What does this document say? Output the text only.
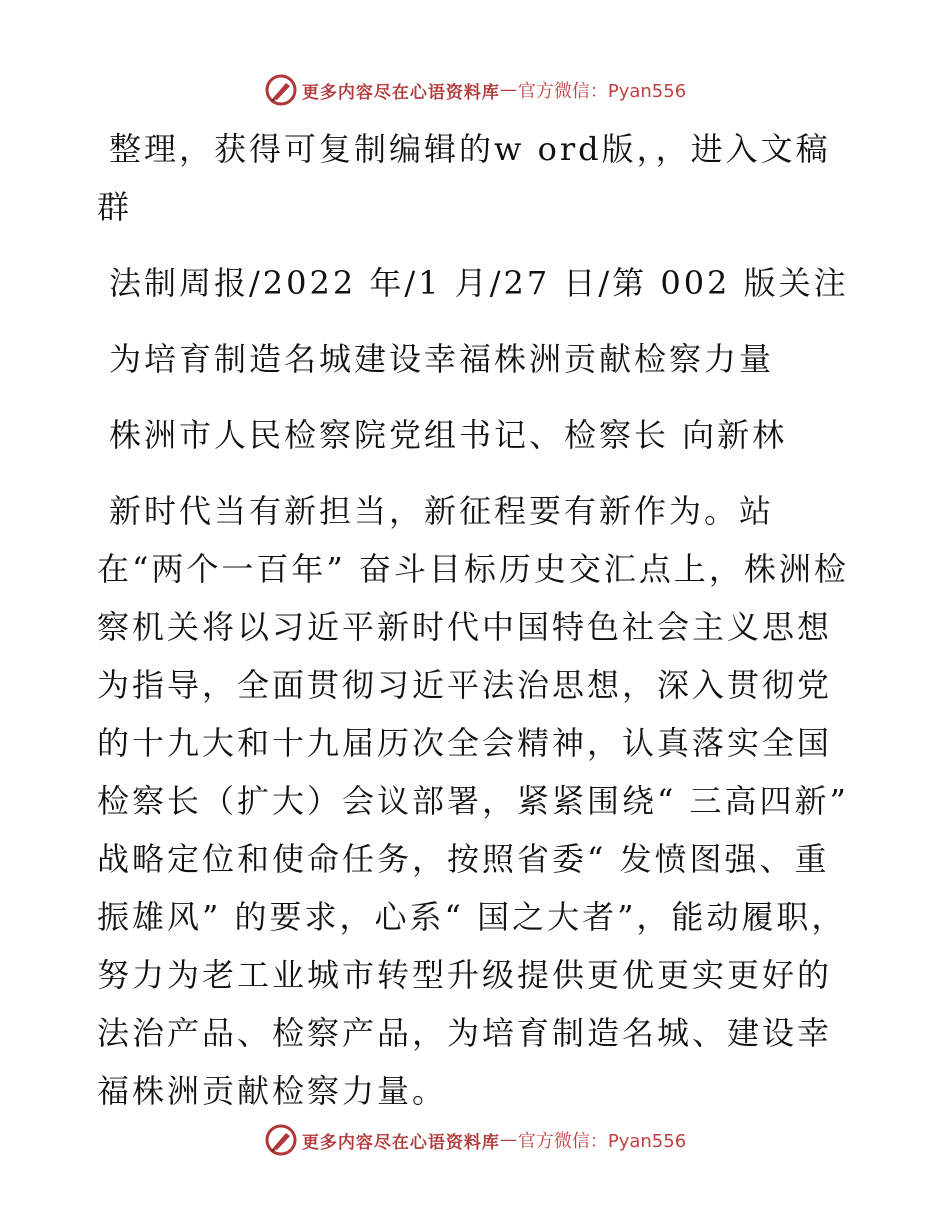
更多内容尽在心语资料库 — 官方微信：Pyan556

整理，获得可复制编辑的w ord版，，进入文稿群

法制周报/2022 年/1 月/27 日/第 002 版关注

为培育制造名城建设幸福株洲贡献检察力量

株洲市人民检察院党组书记、检察长 向新林

新时代当有新担当，新征程要有新作为。站在“两个一百年” 奋斗目标历史交汇点上，株洲检察机关将以习近平新时代中国特色社会主义思想为指导，全面贯彻习近平法治思想，深入贯彻党的十九大和十九届历次全会精神，认真落实全国检察长（扩大）会议部署，紧紧围绕“ 三高四新” 战略定位和使命任务，按照省委“ 发愤图强、重振雄风” 的要求，心系“ 国之大者”，能动履职，努力为老工业城市转型升级提供更优更实更好的法治产品、检察产品，为培育制造名城、建设幸福株洲贡献检察力量。

更多内容尽在心语资料库 — 官方微信：Pyan556
